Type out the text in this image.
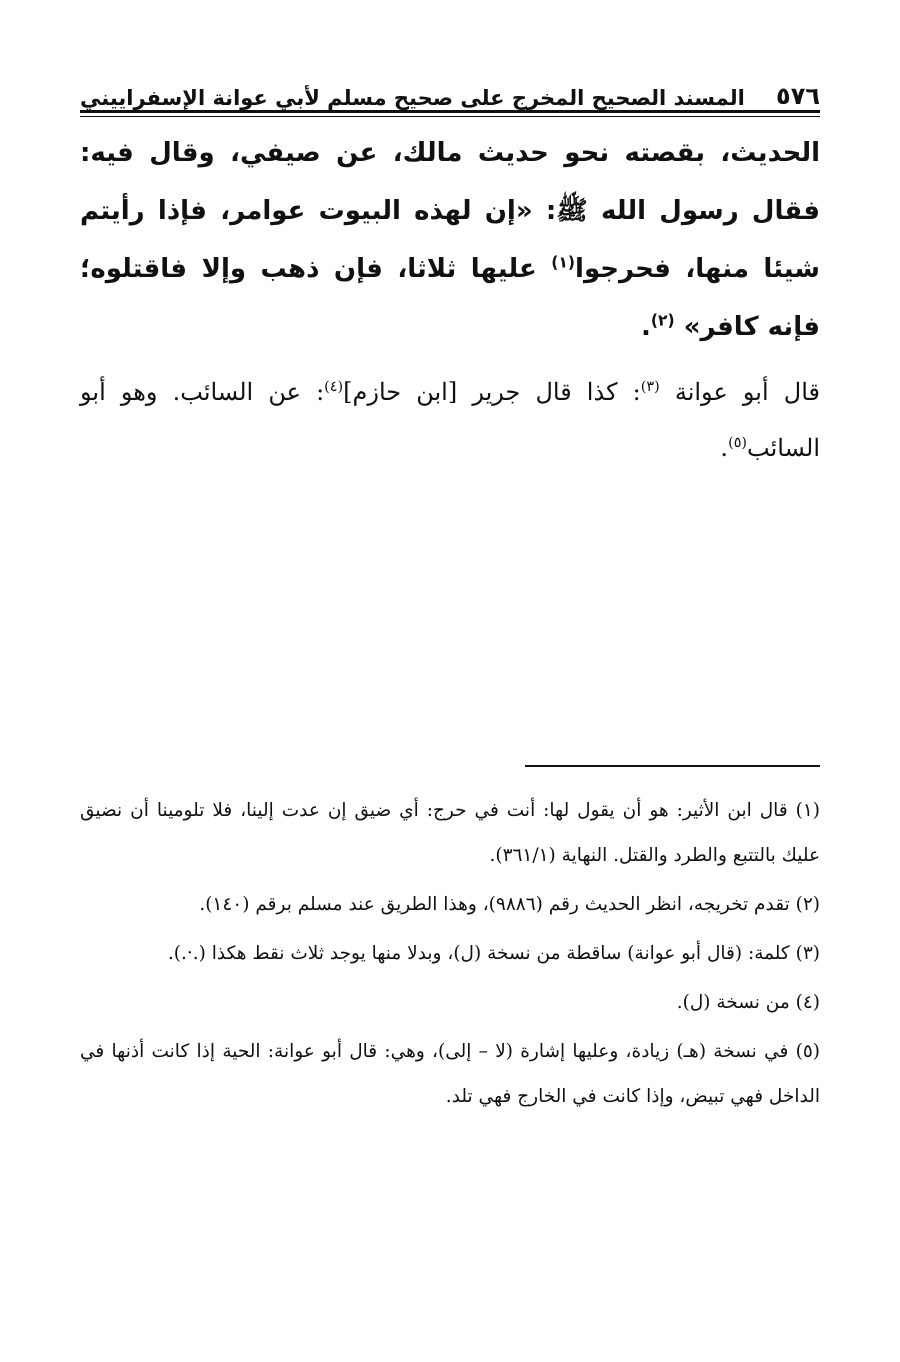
٥٧٦
المسند الصحيح المخرج على صحيح مسلم لأبي عوانة الإسفراييني

الحديث، بقصته نحو حديث مالك، عن صيفي، وقال فيه: فقال رسول الله ﷺ: «إن لهذه البيوت عوامر، فإذا رأيتم شيئا منها، فحرجوا$^{(١)}$ عليها ثلاثا، فإن ذهب وإلا فاقتلوه؛ فإنه كافر» $^{(٢)}$.

قال أبو عوانة $^{(٣)}$: كذا قال جرير [ابن حازم]$^{(٤)}$: عن السائب. وهو أبو السائب$^{(٥)}$.

(١) قال ابن الأثير: هو أن يقول لها: أنت في حرج: أي ضيق إن عدت إلينا، فلا تلومينا أن نضيق عليك بالتتبع والطرد والقتل. النهاية (٣٦١/١).

(٢) تقدم تخريجه، انظر الحديث رقم (٩٨٨٦)، وهذا الطريق عند مسلم برقم (١٤٠).

(٣) كلمة: (قال أبو عوانة) ساقطة من نسخة (ل)، وبدلا منها يوجد ثلاث نقط هكذا (.·.).

(٤) من نسخة (ل).

(٥) في نسخة (هـ) زيادة، وعليها إشارة (لا – إلى)، وهي: قال أبو عوانة: الحية إذا كانت أذنها في الداخل فهي تبيض، وإذا كانت في الخارج فهي تلد.
